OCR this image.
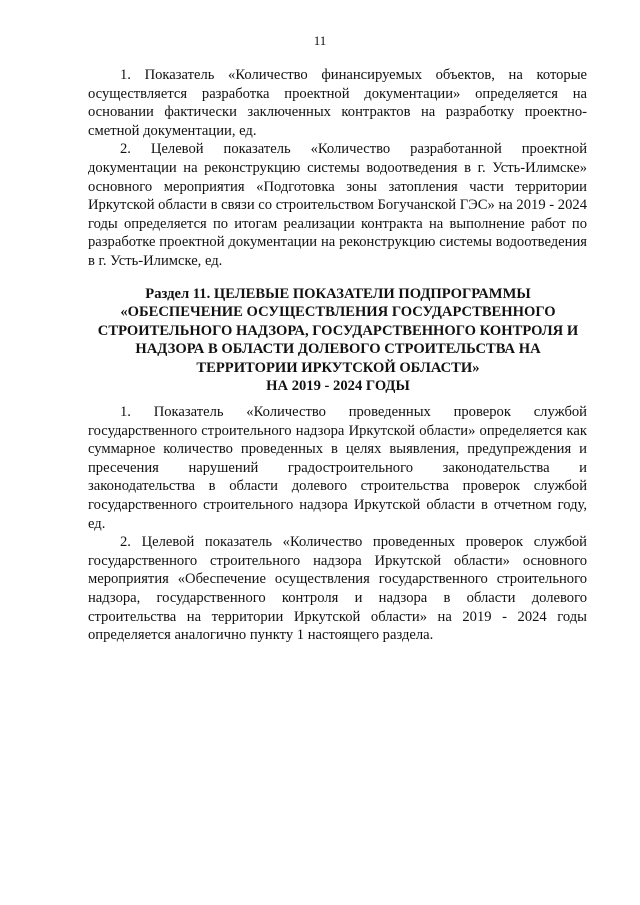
11

1. Показатель «Количество финансируемых объектов, на которые осуществляется разработка проектной документации» определяется на основании фактически заключенных контрактов на разработку проектно-сметной документации, ед.

2. Целевой показатель «Количество разработанной проектной документации на реконструкцию системы водоотведения в г. Усть-Илимске» основного мероприятия «Подготовка зоны затопления части территории Иркутской области в связи со строительством Богучанской ГЭС» на 2019 - 2024 годы определяется по итогам реализации контракта на выполнение работ по разработке проектной документации на реконструкцию системы водоотведения в г. Усть-Илимске, ед.

Раздел 11. ЦЕЛЕВЫЕ ПОКАЗАТЕЛИ ПОДПРОГРАММЫ
«ОБЕСПЕЧЕНИЕ ОСУЩЕСТВЛЕНИЯ ГОСУДАРСТВЕННОГО
СТРОИТЕЛЬНОГО НАДЗОРА, ГОСУДАРСТВЕННОГО КОНТРОЛЯ И
НАДЗОРА В ОБЛАСТИ ДОЛЕВОГО СТРОИТЕЛЬСТВА НА
ТЕРРИТОРИИ ИРКУТСКОЙ ОБЛАСТИ»
НА 2019 - 2024 ГОДЫ

1. Показатель «Количество проведенных проверок службой государственного строительного надзора Иркутской области» определяется как суммарное количество проведенных в целях выявления, предупреждения и пресечения нарушений градостроительного законодательства и законодательства в области долевого строительства проверок службой государственного строительного надзора Иркутской области в отчетном году, ед.

2. Целевой показатель «Количество проведенных проверок службой государственного строительного надзора Иркутской области» основного мероприятия «Обеспечение осуществления государственного строительного надзора, государственного контроля и надзора в области долевого строительства на территории Иркутской области» на 2019 - 2024 годы определяется аналогично пункту 1 настоящего раздела.
